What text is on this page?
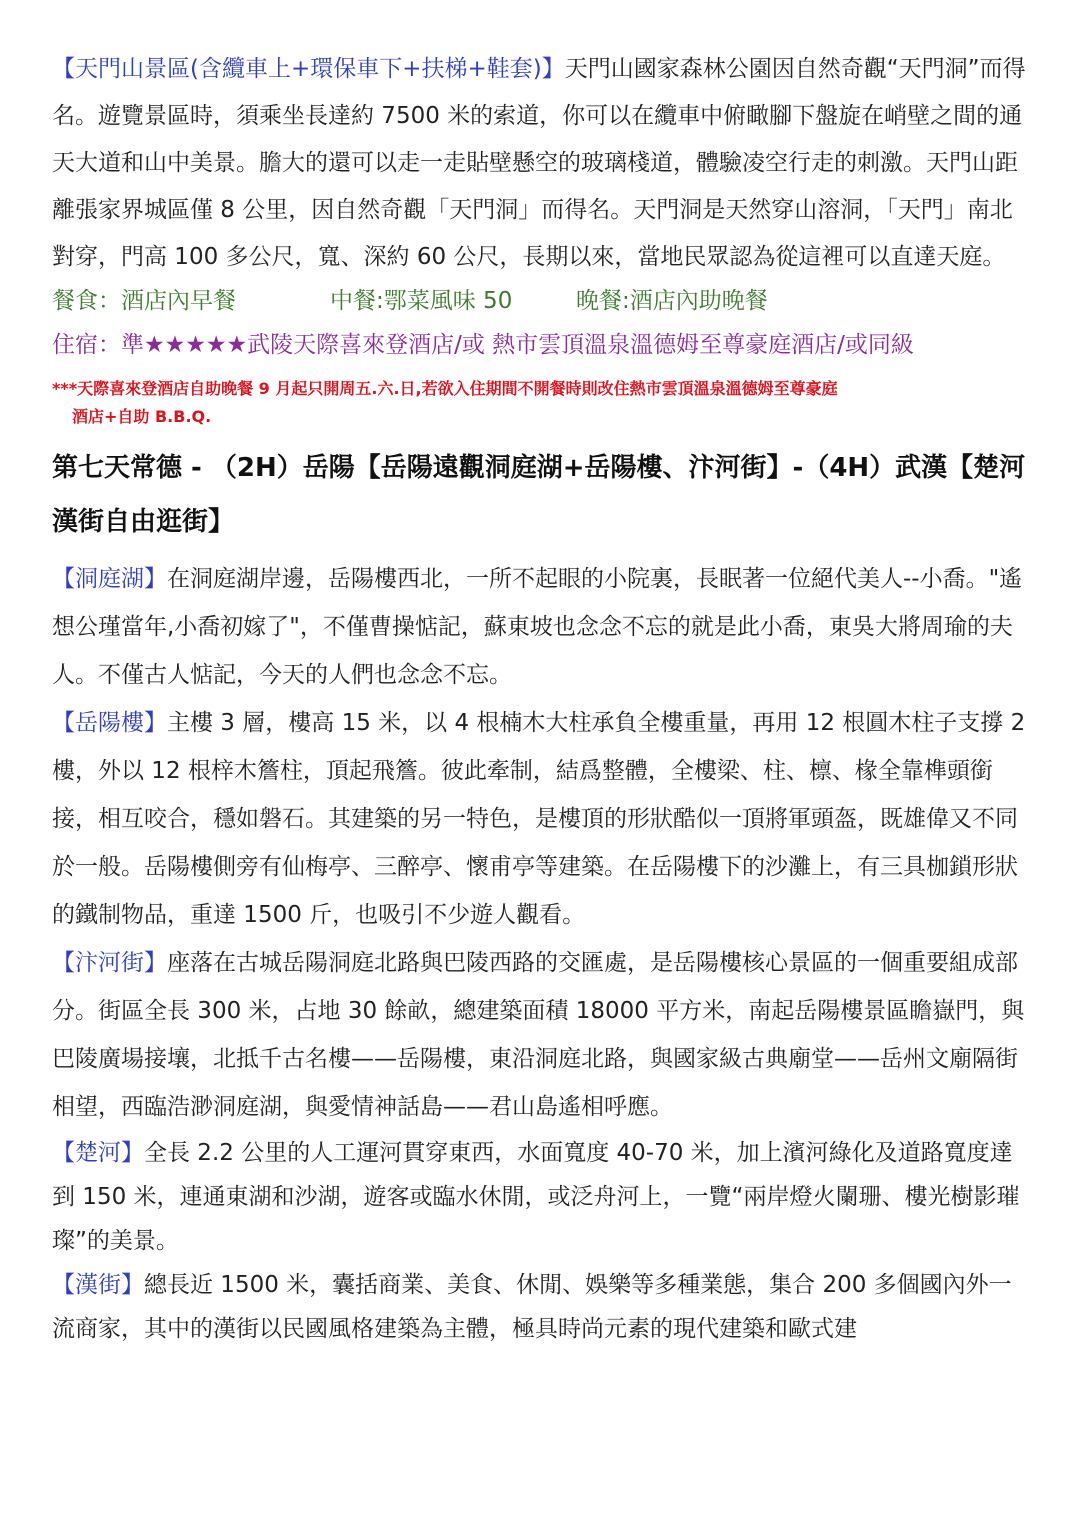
【天門山景區(含纜車上+環保車下+扶梯+鞋套)】天門山國家森林公園因自然奇觀“天門洞”而得名。遊覽景區時，須乘坐長達約 7500 米的索道，你可以在纜車中俯瞰腳下盤旋在峭壁之間的通天大道和山中美景。膽大的還可以走一走貼壁懸空的玻璃棧道，體驗凌空行走的刺激。天門山距離張家界城區僅 8 公里，因自然奇觀「天門洞」而得名。天門洞是天然穿山溶洞，「天門」南北對穿，門高 100 多公尺，寬、深約 60 公尺，長期以來，當地民眾認為從這裡可以直達天庭。

餐食：酒店內早餐	中餐:鄂菜風味 50	晚餐:酒店內助晚餐
住宿：準★★★★★武陵天際喜來登酒店/或 熱市雲頂溫泉溫德姆至尊豪庭酒店/或同級
***天際喜來登酒店自助晚餐 9 月起只開周五.六.日,若欲入住期間不開餐時則改住熱市雲頂溫泉溫德姆至尊豪庭
酒店+自助 B.B.Q.
第七天常德 - （2H）岳陽【岳陽遠觀洞庭湖+岳陽樓、汴河街】-（4H）武漢【楚河漢街自由逛街】

【洞庭湖】在洞庭湖岸邊，岳陽樓西北，一所不起眼的小院裏，長眠著一位絕代美人--小喬。"遙想公瑾當年,小喬初嫁了"，不僅曹操惦記，蘇東坡也念念不忘的就是此小喬，東吳大將周瑜的夫人。不僅古人惦記，今天的人們也念念不忘。

【岳陽樓】主樓 3 層，樓高 15 米，以 4 根楠木大柱承負全樓重量，再用 12 根圓木柱子支撐 2 樓，外以 12 根梓木簷柱，頂起飛簷。彼此牽制，結爲整體，全樓梁、柱、檩、椽全靠榫頭銜接，相互咬合，穩如磐石。其建築的另一特色，是樓頂的形狀酷似一頂將軍頭盔，既雄偉又不同於一般。岳陽樓側旁有仙梅亭、三醉亭、懷甫亭等建築。在岳陽樓下的沙灘上，有三具枷鎖形狀的鐵制物品，重達 1500 斤，也吸引不少遊人觀看。

【汴河街】座落在古城岳陽洞庭北路與巴陵西路的交匯處，是岳陽樓核心景區的一個重要組成部分。街區全長 300 米，占地 30 餘畝，總建築面積 18000 平方米，南起岳陽樓景區瞻嶽門，與巴陵廣場接壤，北抵千古名樓——岳陽樓，東沿洞庭北路，與國家級古典廟堂——岳州文廟隔街相望，西臨浩渺洞庭湖，與愛情神話島——君山島遙相呼應。

【楚河】全長 2.2 公里的人工運河貫穿東西，水面寬度 40-70 米，加上濱河綠化及道路寬度達到 150 米，連通東湖和沙湖，遊客或臨水休閒，或泛舟河上，一覽“兩岸燈火闌珊、樓光樹影璀璨”的美景。

【漢街】總長近 1500 米，囊括商業、美食、休閒、娛樂等多種業態，集合 200 多個國內外一流商家，其中的漢街以民國風格建築為主體，極具時尚元素的現代建築和歐式建
